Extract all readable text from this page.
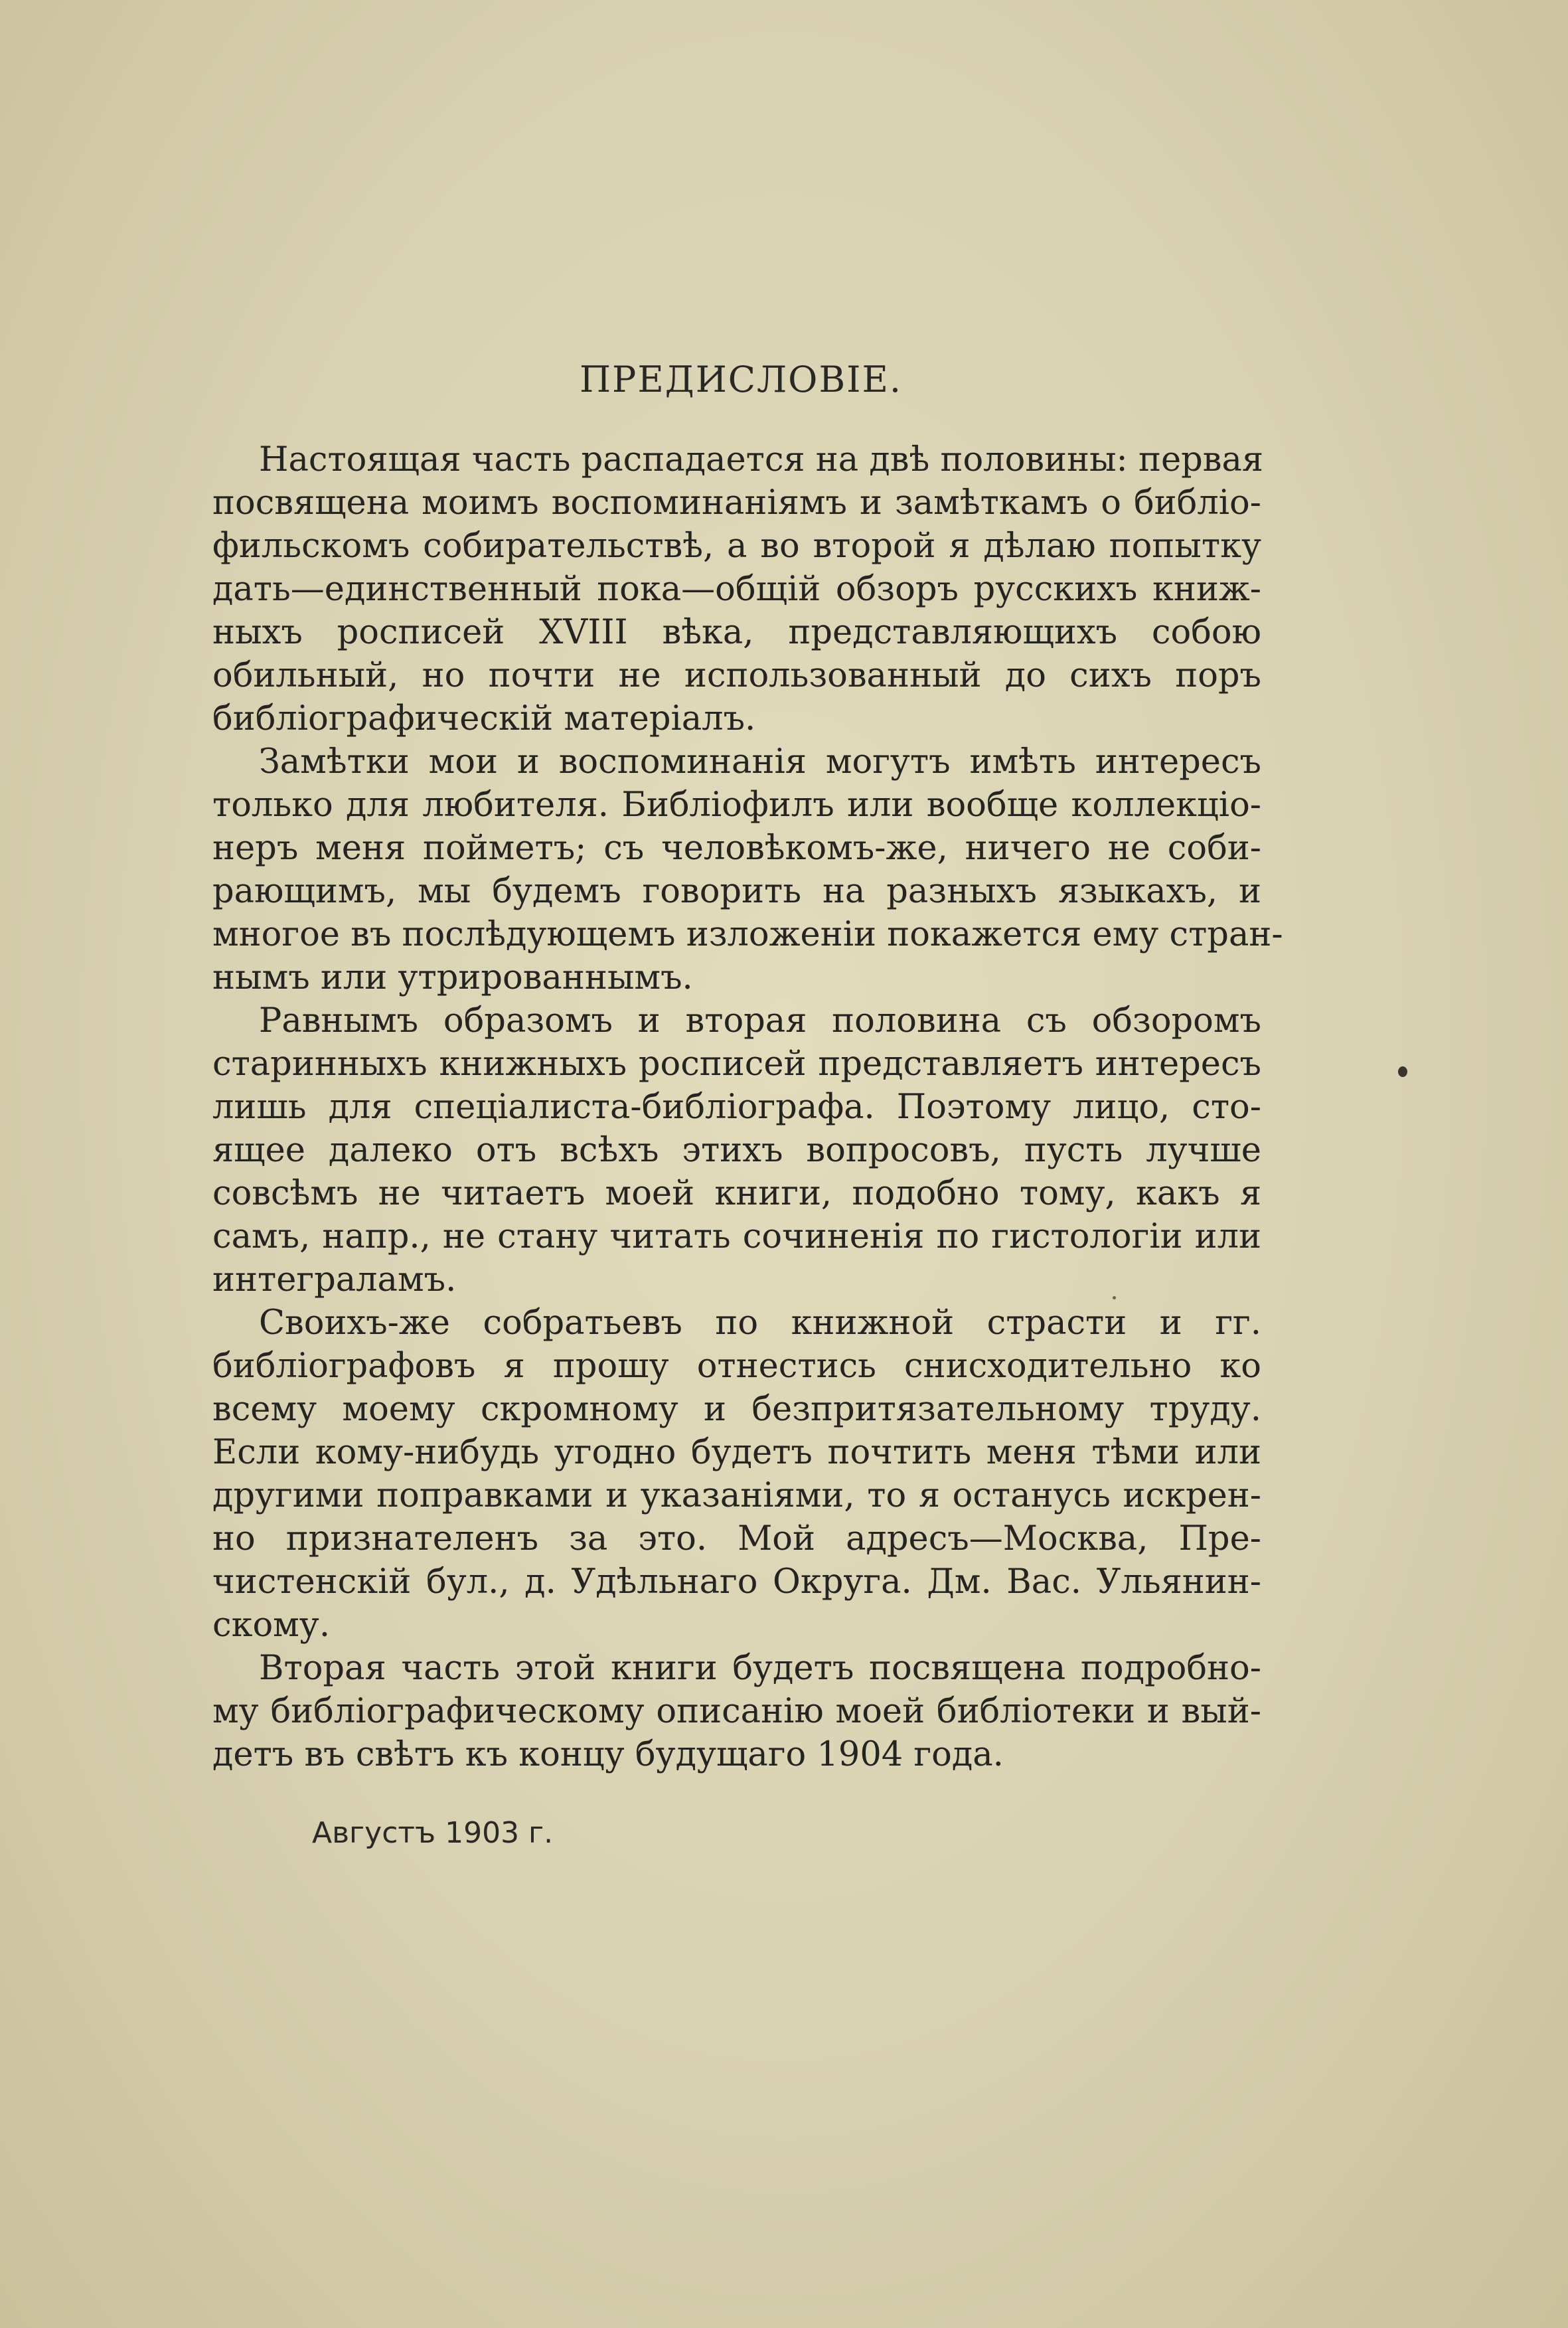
ПРЕДИСЛОВІЕ.
Настоящая часть распадается на двѣ половины: первая
посвящена моимъ воспоминаніямъ и замѣткамъ о библіо-
фильскомъ собирательствѣ, а во второй я дѣлаю попытку
дать—единственный пока—общій обзоръ русскихъ книж-
ныхъ росписей XVIII вѣка, представляющихъ собою
обильный, но почти не использованный до сихъ поръ
библіографическій матеріалъ.
Замѣтки мои и воспоминанія могутъ имѣть интересъ
только для любителя. Библіофилъ или вообще коллекціо-
неръ меня пойметъ; съ человѣкомъ-же, ничего не соби-
рающимъ, мы будемъ говорить на разныхъ языкахъ, и
многое въ послѣдующемъ изложеніи покажется ему стран-
нымъ или утрированнымъ.
Равнымъ образомъ и вторая половина съ обзоромъ
старинныхъ книжныхъ росписей представляетъ интересъ
лишь для спеціалиста-библіографа. Поэтому лицо, сто-
ящее далеко отъ всѣхъ этихъ вопросовъ, пусть лучше
совсѣмъ не читаетъ моей книги, подобно тому, какъ я
самъ, напр., не стану читать сочиненія по гистологіи или
интеграламъ.
Своихъ-же собратьевъ по книжной страсти и гг.
библіографовъ я прошу отнестись снисходительно ко
всему моему скромному и безпритязательному труду.
Если кому-нибудь угодно будетъ почтить меня тѣми или
другими поправками и указаніями, то я останусь искрен-
но признателенъ за это. Мой адресъ—Москва, Пре-
чистенскій бул., д. Удѣльнаго Округа. Дм. Вас. Ульянин-
скому.
Вторая часть этой книги будетъ посвящена подробно-
му библіографическому описанію моей библіотеки и вый-
детъ въ свѣтъ къ концу будущаго 1904 года.
Августъ 1903 г.
